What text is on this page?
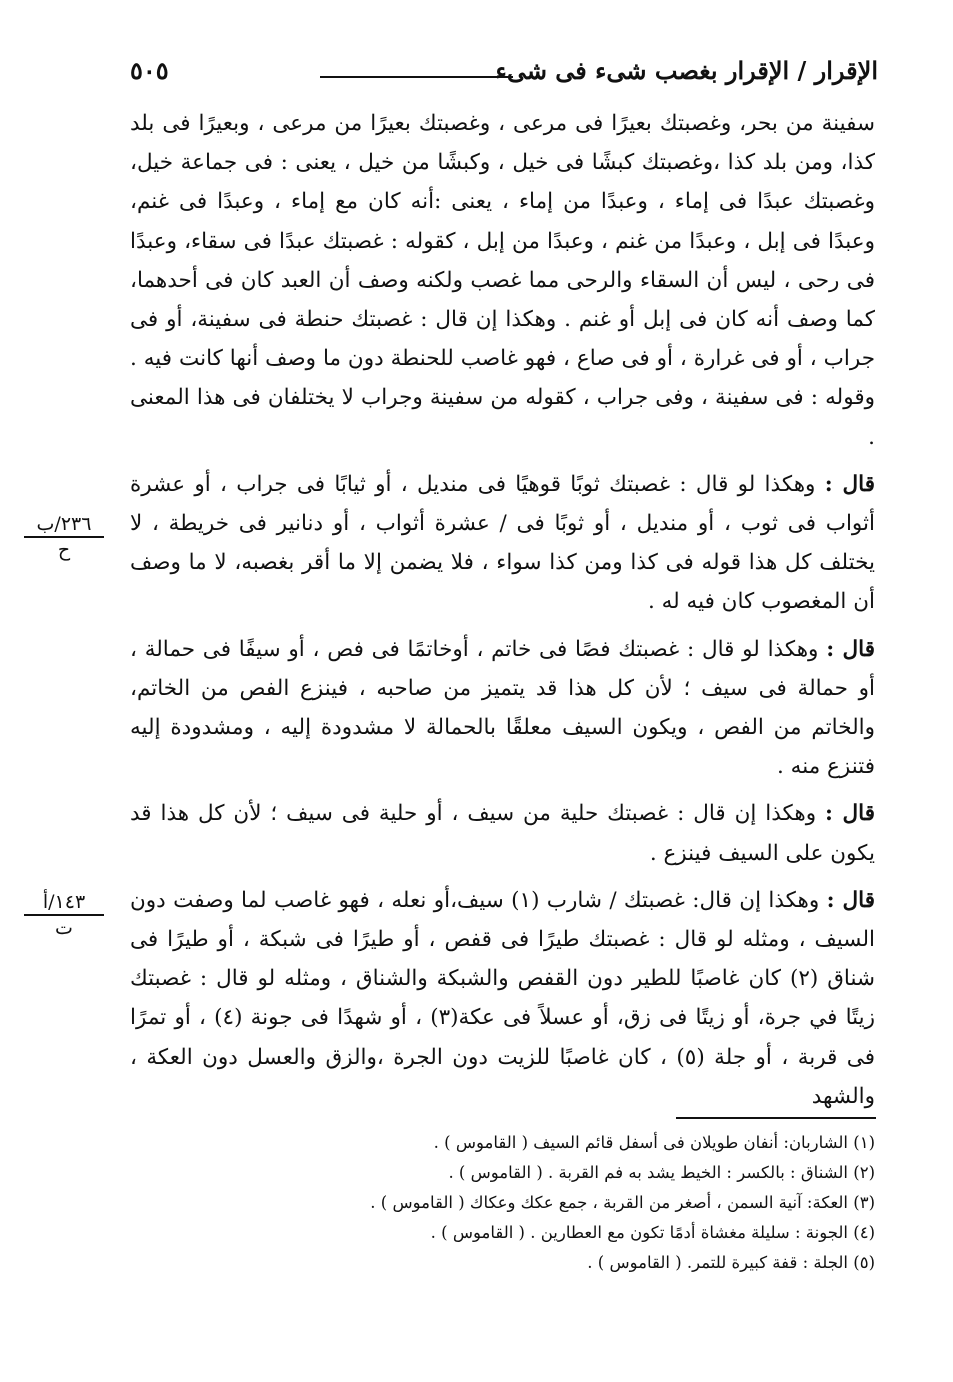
الإقرار / الإقرار بغصب شىء فى شىء
٥٠٥

سفينة من بحر، وغصبتك بعيرًا فى مرعى ، وغصبتك بعيرًا من مرعى ، وبعيرًا فى بلد كذا، ومن بلد كذا ،وغصبتك كبشًا فى خيل ، وكبشًا من خيل ، يعنى : فى جماعة خيل، وغصبتك عبدًا فى إماء ، وعبدًا من إماء ، يعنى :أنه كان مع إماء ، وعبدًا فى غنم، وعبدًا فى إبل ، وعبدًا من غنم ، وعبدًا من إبل ، كقوله : غصبتك عبدًا فى سقاء، وعبدًا فى رحى ، ليس أن السقاء والرحى مما غصب ولكنه وصف أن العبد كان فى أحدهما، كما وصف أنه كان فى إبل أو غنم . وهكذا إن قال : غصبتك حنطة فى سفينة، أو فى جراب ، أو فى غرارة ، أو فى صاع ، فهو غاصب للحنطة دون ما وصف أنها كانت فيه . وقوله : فى سفينة ، وفى جراب ، كقوله من سفينة وجراب لا يختلفان فى هذا المعنى .

قال : وهكذا لو قال : غصبتك ثوبًا قوهيًا فى منديل ، أو ثيابًا فى جراب ، أو عشرة أثواب فى ثوب ، أو منديل ، أو ثوبًا فى / عشرة أثواب ، أو دنانير فى خريطة ، لا يختلف كل هذا قوله فى كذا ومن كذا سواء ، فلا يضمن إلا ما أقر بغصبه، لا ما وصف أن المغصوب كان فيه له .

قال : وهكذا لو قال : غصبتك فصًا فى خاتم ، أوخاتمًا فى فص ، أو سيفًا فى حمالة ، أو حمالة فى سيف ؛ لأن كل هذا قد يتميز من صاحبه ، فينزع الفص من الخاتم، والخاتم من الفص ، ويكون السيف معلقًا بالحمالة لا مشدودة إليه ، ومشدودة إليه فتنزع منه .

قال : وهكذا إن قال : غصبتك حلية من سيف ، أو حلية فى سيف ؛ لأن كل هذا قد يكون على السيف فينزع .

قال : وهكذا إن قال: غصبتك / شارب (١) سيف،أو نعله ، فهو غاصب لما وصفت دون السيف ، ومثله لو قال : غصبتك طيرًا فى قفص ، أو طيرًا فى شبكة ، أو طيرًا فى شناق (٢) كان غاصبًا للطير دون القفص والشبكة والشناق ، ومثله لو قال : غصبتك زيتًا في جرة، أو زيتًا فى زق، أو عسلاً فى عكة(٣) ، أو شهدًا فى جونة (٤) ، أو تمرًا فى قربة ، أو جلة (٥) ، كان غاصبًا للزيت دون الجرة ،والزق والعسل دون العكة ، والشهد

٢٣٦/ب
ح
١٤٣/أ
ت
(١) الشاربان: أنفان طويلان فى أسفل قائم السيف ( القاموس ) .
(٢) الشناق : بالكسر : الخيط يشد به فم القربة . ( القاموس ) .
(٣) العكة: آنية السمن ، أصغر من القربة ، جمع عكك وعكاك ( القاموس ) .
(٤) الجونة : سليلة مغشاة أدمًا تكون مع العطارين . ( القاموس ) .
(٥) الجلة : قفة كبيرة للتمر. ( القاموس ) .
